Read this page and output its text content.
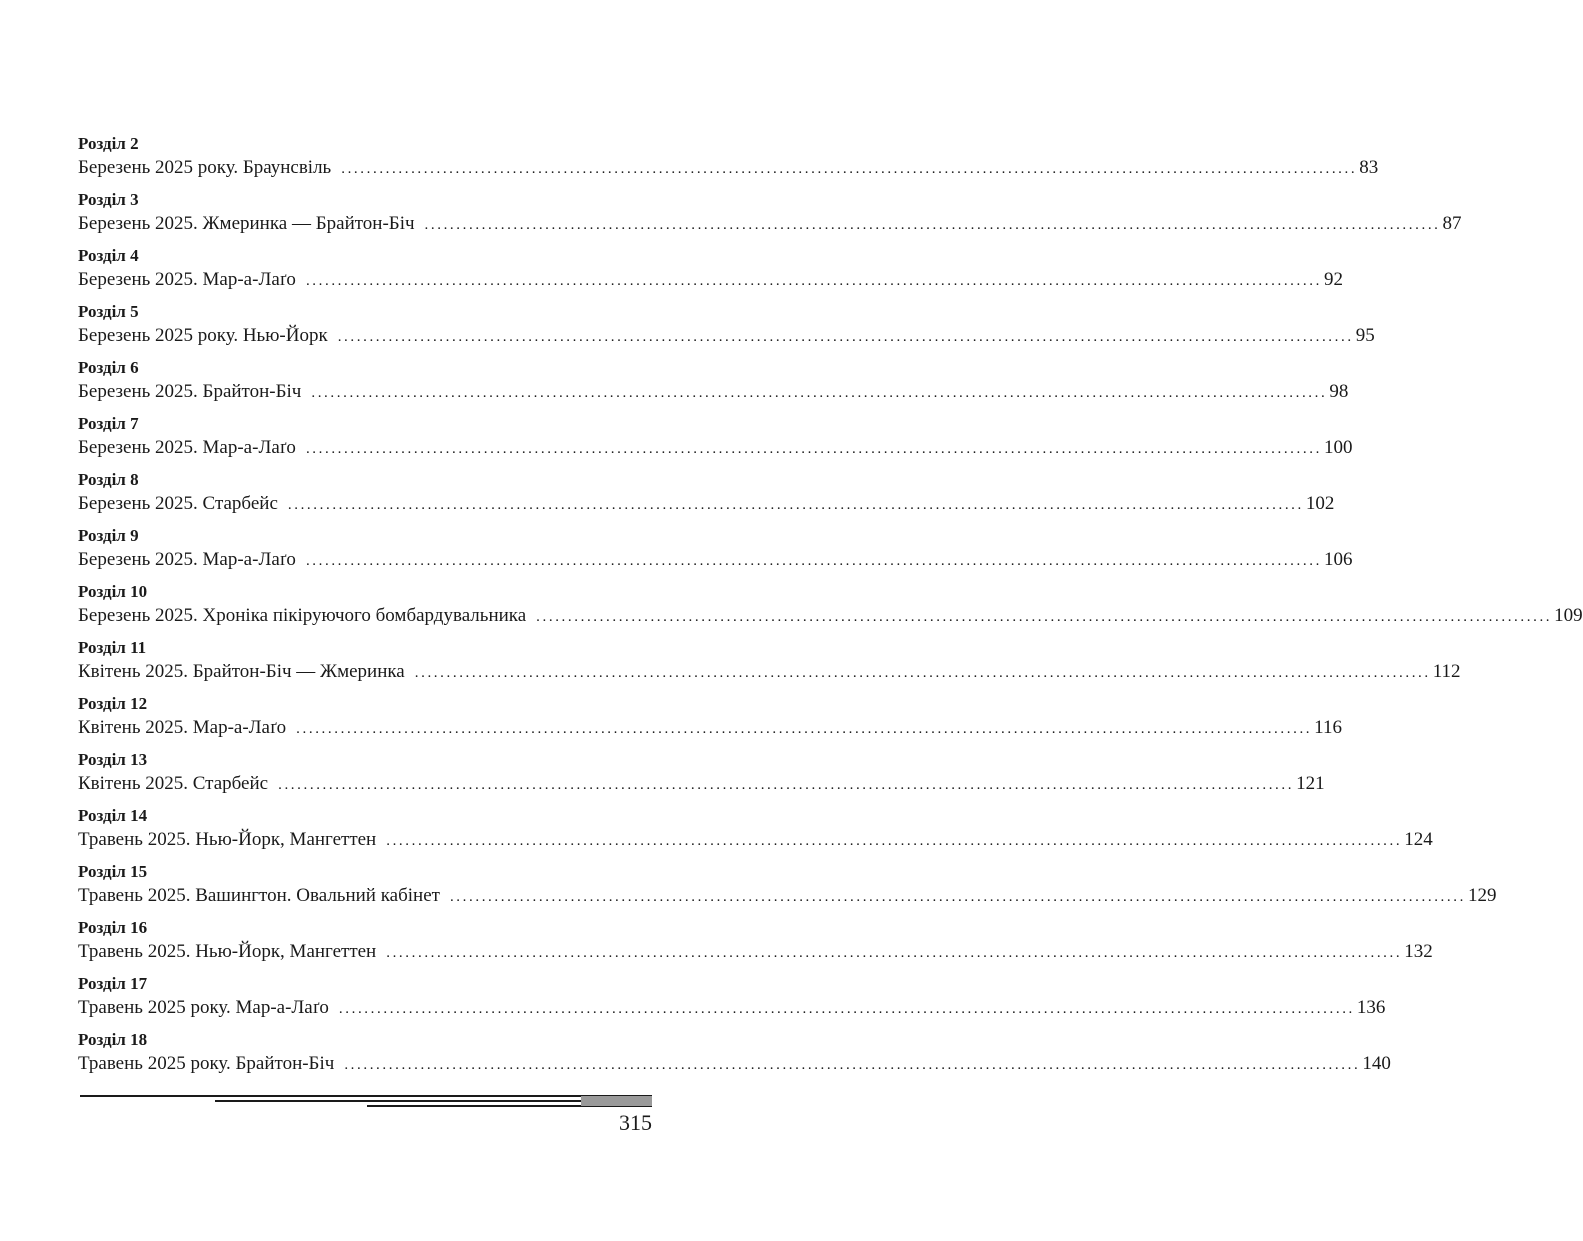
Розділ 2
Березень 2025 року. Браунсвіль ................................................................................................................................................................ 83
Розділ 3
Березень 2025. Жмеринка — Брайтон-Біч ................................................................................................................................................................ 87
Розділ 4
Березень 2025. Мар-а-Лаґо ................................................................................................................................................................ 92
Розділ 5
Березень 2025 року. Нью-Йорк ................................................................................................................................................................ 95
Розділ 6
Березень 2025. Брайтон-Біч ................................................................................................................................................................ 98
Розділ 7
Березень 2025. Мар-а-Лаґо ................................................................................................................................................................ 100
Розділ 8
Березень 2025. Старбейс ................................................................................................................................................................ 102
Розділ 9
Березень 2025. Мар-а-Лаґо ................................................................................................................................................................ 106
Розділ 10
Березень 2025. Хроніка пікіруючого бомбардувальника ................................................................................................................................................................ 109
Розділ 11
Квітень 2025. Брайтон-Біч — Жмеринка ................................................................................................................................................................ 112
Розділ 12
Квітень 2025. Мар-а-Лаґо ................................................................................................................................................................ 116
Розділ 13
Квітень 2025. Старбейс ................................................................................................................................................................ 121
Розділ 14
Травень 2025. Нью-Йорк, Мангеттен ................................................................................................................................................................ 124
Розділ 15
Травень 2025. Вашингтон. Овальний кабінет ................................................................................................................................................................ 129
Розділ 16
Травень 2025. Нью-Йорк, Мангеттен ................................................................................................................................................................ 132
Розділ 17
Травень 2025 року. Мар-а-Лаґо ................................................................................................................................................................ 136
Розділ 18
Травень 2025 року. Брайтон-Біч ................................................................................................................................................................ 140
315
